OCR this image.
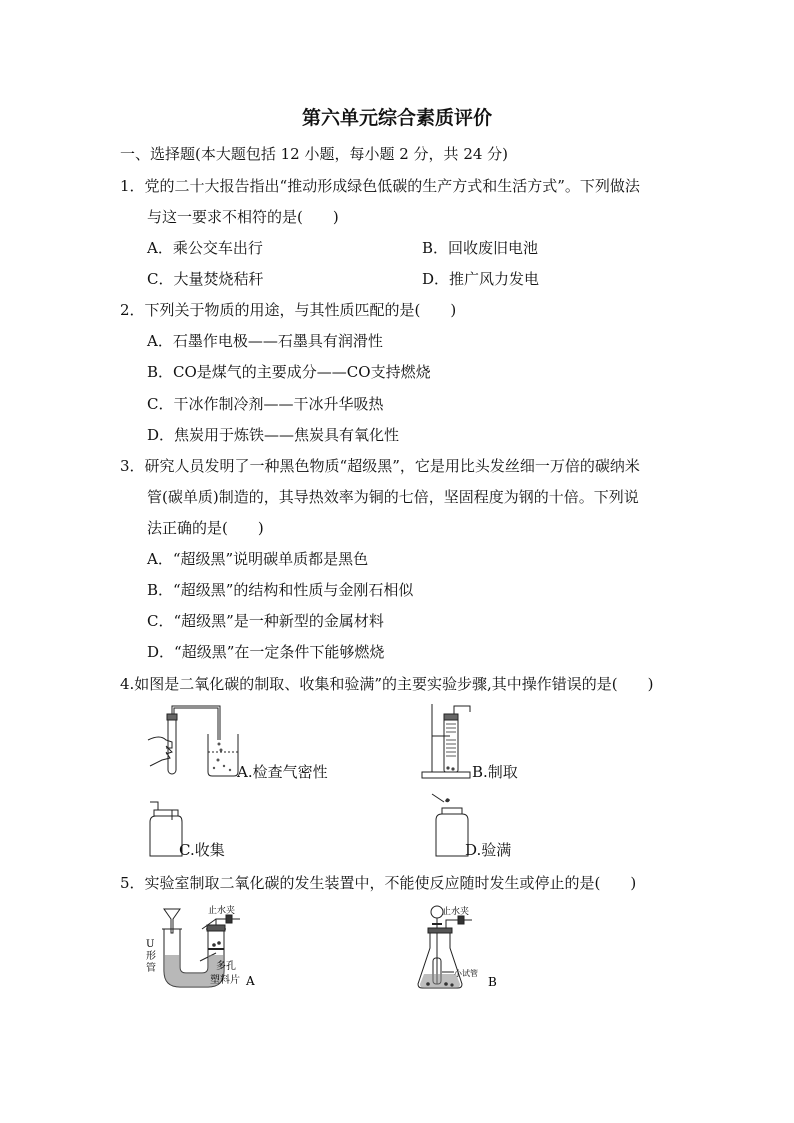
第六单元综合素质评价
一、选择题(本大题包括 12 小题，每小题 2 分，共 24 分)
1．党的二十大报告指出“推动形成绿色低碳的生产方式和生活方式”。下列做法
与这一要求不相符的是(　　)
A．乘公交车出行	B．回收废旧电池
C．大量焚烧秸秆	D．推广风力发电
2．下列关于物质的用途，与其性质匹配的是(　　)
A．石墨作电极——石墨具有润滑性
B．CO是煤气的主要成分——CO支持燃烧
C．干冰作制冷剂——干冰升华吸热
D．焦炭用于炼铁——焦炭具有氧化性
3．研究人员发明了一种黑色物质“超级黑”，它是用比头发丝细一万倍的碳纳米
管(碳单质)制造的，其导热效率为铜的七倍，坚固程度为钢的十倍。下列说
法正确的是(　　)
A．“超级黑”说明碳单质都是黑色
B．“超级黑”的结构和性质与金刚石相似
C．“超级黑”是一种新型的金属材料
D．“超级黑”在一定条件下能够燃烧
4.如图是二氧化碳的制取、收集和验满”的主要实验步骤,其中操作错误的是(　　)
A.检查气密性	B.制取
C.收集	D.验满
5．实验室制取二氧化碳的发生装置中，不能使反应随时发生或停止的是(　　)
止水夹
U
形
管	多孔
塑料片 A
止水夹
小试管
B
